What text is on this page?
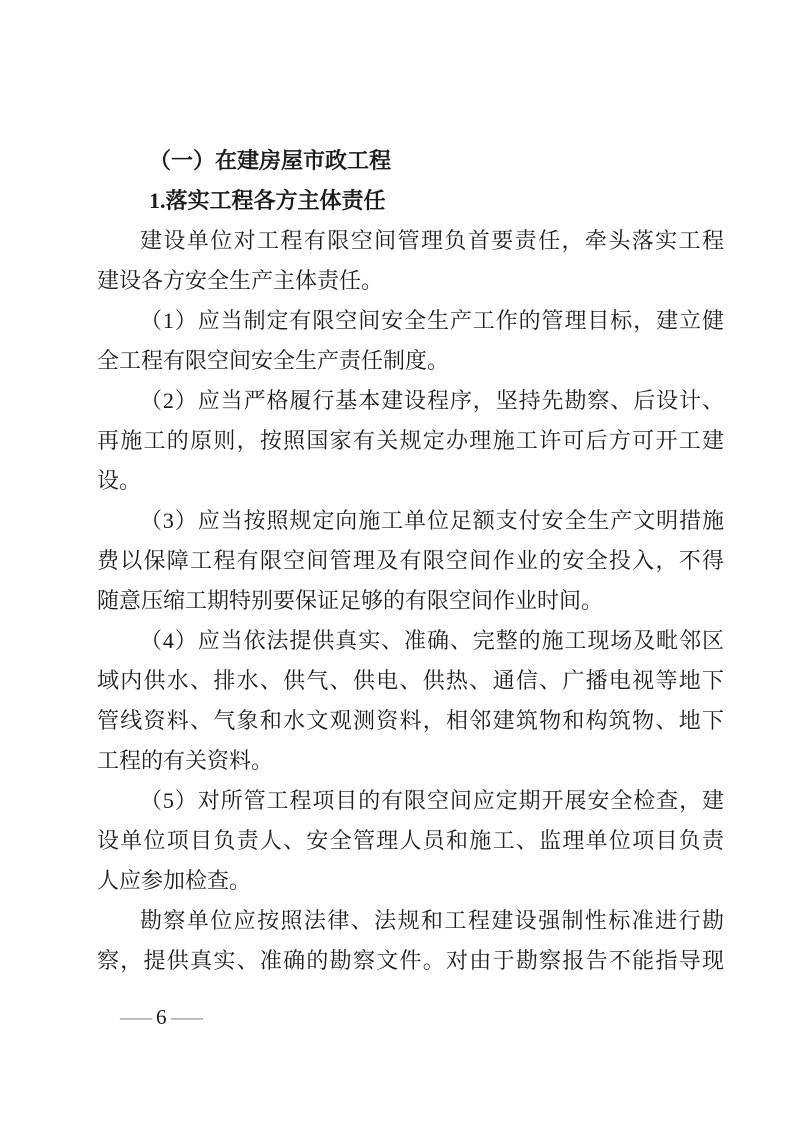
（一）在建房屋市政工程
1.落实工程各方主体责任
建设单位对工程有限空间管理负首要责任，牵头落实工程
建设各方安全生产主体责任。
（1）应当制定有限空间安全生产工作的管理目标，建立健
全工程有限空间安全生产责任制度。
（2）应当严格履行基本建设程序，坚持先勘察、后设计、
再施工的原则，按照国家有关规定办理施工许可后方可开工建
设。
（3）应当按照规定向施工单位足额支付安全生产文明措施
费以保障工程有限空间管理及有限空间作业的安全投入，不得
随意压缩工期特别要保证足够的有限空间作业时间。
（4）应当依法提供真实、准确、完整的施工现场及毗邻区
域内供水、排水、供气、供电、供热、通信、广播电视等地下
管线资料、气象和水文观测资料，相邻建筑物和构筑物、地下
工程的有关资料。
（5）对所管工程项目的有限空间应定期开展安全检查，建
设单位项目负责人、安全管理人员和施工、监理单位项目负责
人应参加检查。
勘察单位应按照法律、法规和工程建设强制性标准进行勘
察，提供真实、准确的勘察文件。对由于勘察报告不能指导现
— 6 —
